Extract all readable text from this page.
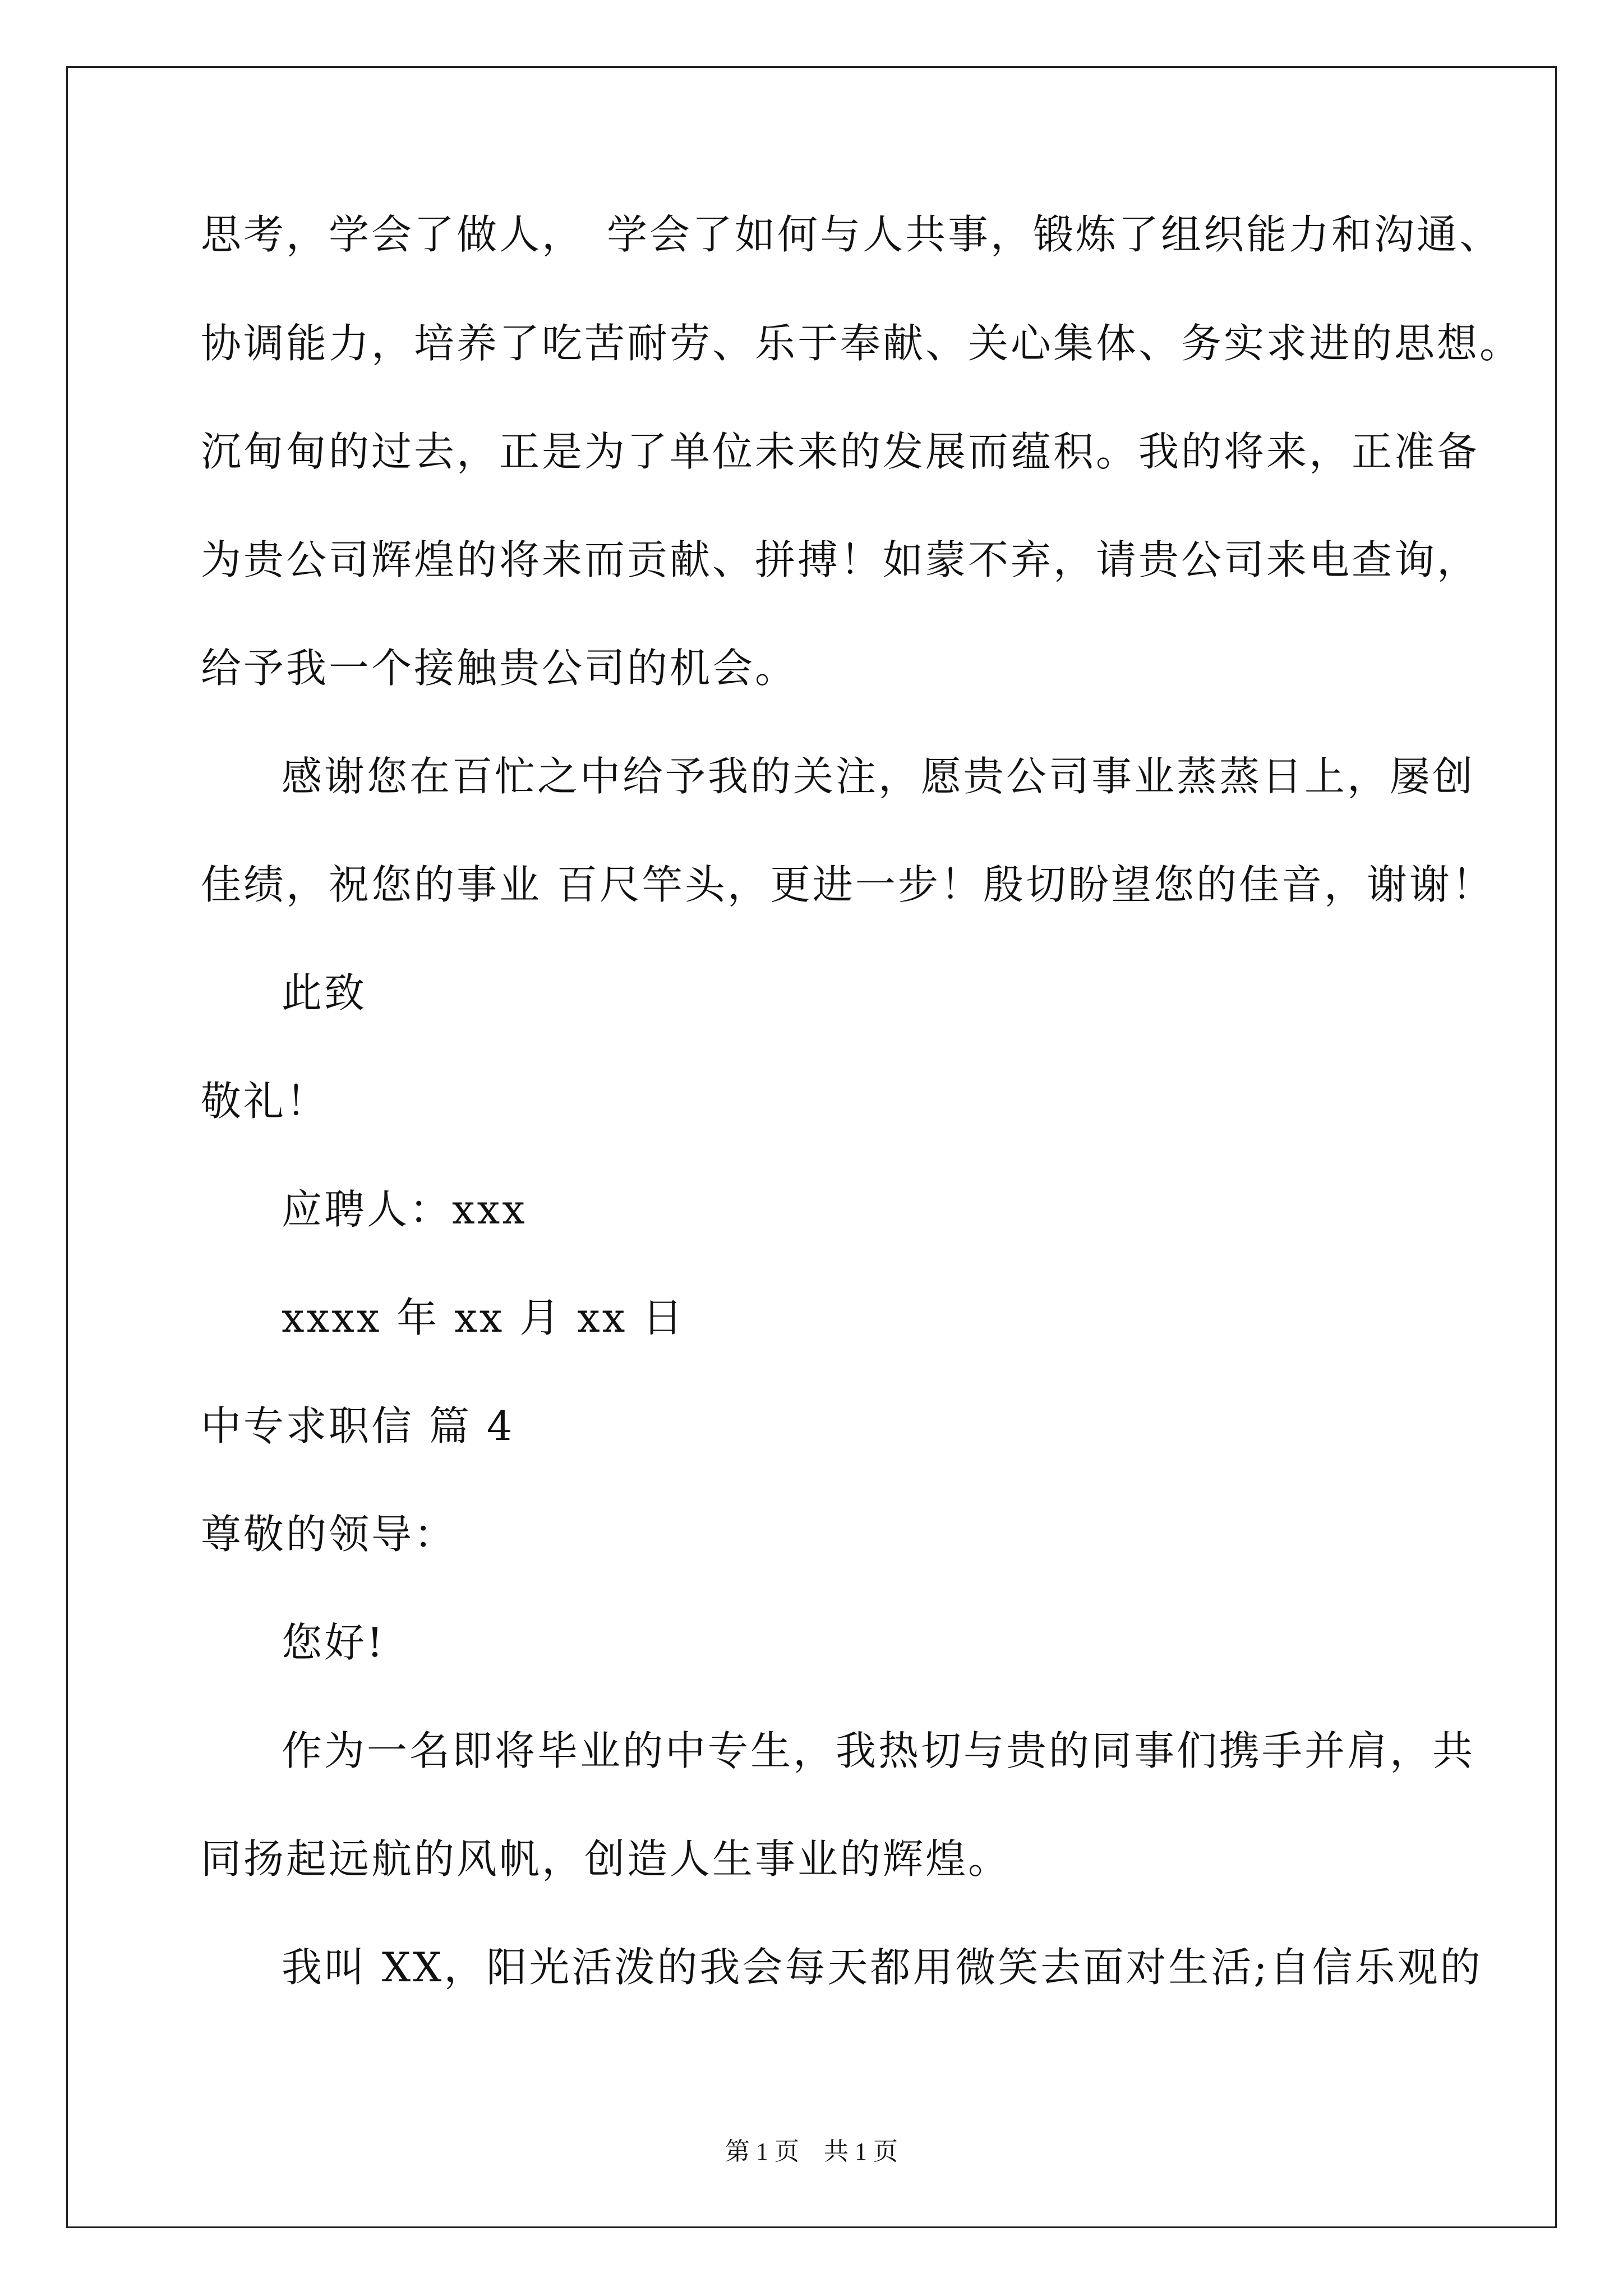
思考，学会了做人，　学会了如何与人共事，锻炼了组织能力和沟通、
协调能力，培养了吃苦耐劳、乐于奉献、关心集体、务实求进的思想。
沉甸甸的过去，正是为了单位未来的发展而蕴积。我的将来，正准备
为贵公司辉煌的将来而贡献、拼搏！如蒙不弃，请贵公司来电查询，
给予我一个接触贵公司的机会。
感谢您在百忙之中给予我的关注，愿贵公司事业蒸蒸日上，屡创
佳绩，祝您的事业 百尺竿头，更进一步！殷切盼望您的佳音，谢谢！
此致
敬礼！
应聘人：xxx
xxxx 年 xx 月 xx 日
中专求职信 篇 4
尊敬的领导：
您好!
作为一名即将毕业的中专生，我热切与贵的同事们携手并肩，共
同扬起远航的风帆，创造人生事业的辉煌。
我叫 XX，阳光活泼的我会每天都用微笑去面对生活;自信乐观的
第 1 页　共 1 页
